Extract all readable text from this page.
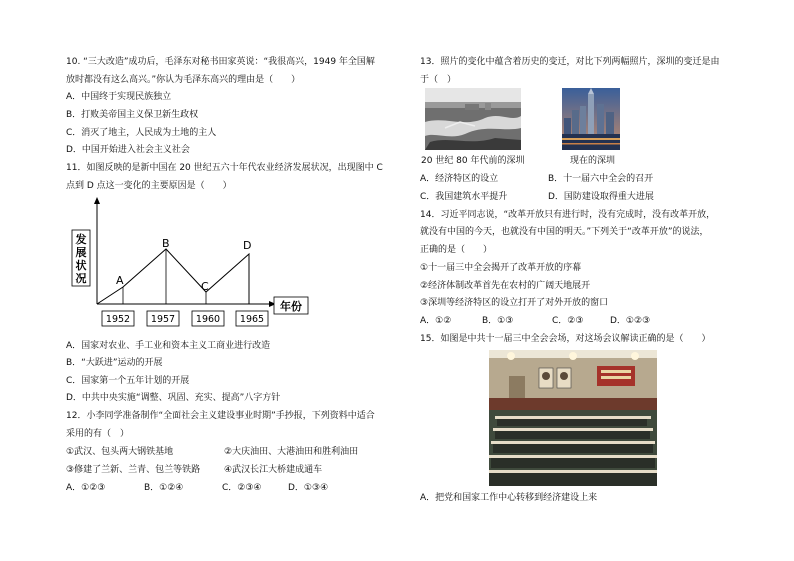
10. “三大改造”成功后，毛泽东对秘书田家英说：“我很高兴，1949 年全国解
放时都没有这么高兴。”你认为毛泽东高兴的理由是（　　）
A．中国终于实现民族独立
B．打败美帝国主义保卫新生政权
C．消灭了地主，人民成为土地的主人
D．中国开始进入社会主义社会
11．如图反映的是新中国在 20 世纪五六十年代农业经济发展状况，出现图中 C
点到 D 点这一变化的主要原因是（　　）
发
展
状
况	A
B
C
D
年份
1952 1957 1960 1965
A．国家对农业、手工业和资本主义工商业进行改造
B．“大跃进”运动的开展
C．国家第一个五年计划的开展
D．中共中央实施“调整、巩固、充实、提高”八字方针
12．小李同学准备制作“全面社会主义建设事业时期”手抄报，下列资料中适合
采用的有（　）
①武汉、包头两大钢铁基地	②大庆油田、大港油田和胜利油田
③修建了兰新、兰青、包兰等铁路	④武汉长江大桥建成通车
A．①②③	B．①②④	C．②③④	D．①③④
13．照片的变化中蕴含着历史的变迁，对比下列两幅照片，深圳的变迁是由
于（　）
20 世纪 80 年代前的深圳	现在的深圳
A．经济特区的设立	B．十一届六中全会的召开
C．我国建筑水平提升	D．国防建设取得重大进展
14．习近平同志说，“改革开放只有进行时，没有完成时，没有改革开放，
就没有中国的今天，也就没有中国的明天。”下列关于“改革开放”的说法，
正确的是（　　）
①十一届三中全会揭开了改革开放的序幕
②经济体制改革首先在农村的广阔天地展开
③深圳等经济特区的设立打开了对外开放的窗口
A．①②	B．①③	C．②③	D．①②③
15．如图是中共十一届三中全会会场，对这场会议解读正确的是（　　）
A．把党和国家工作中心转移到经济建设上来
